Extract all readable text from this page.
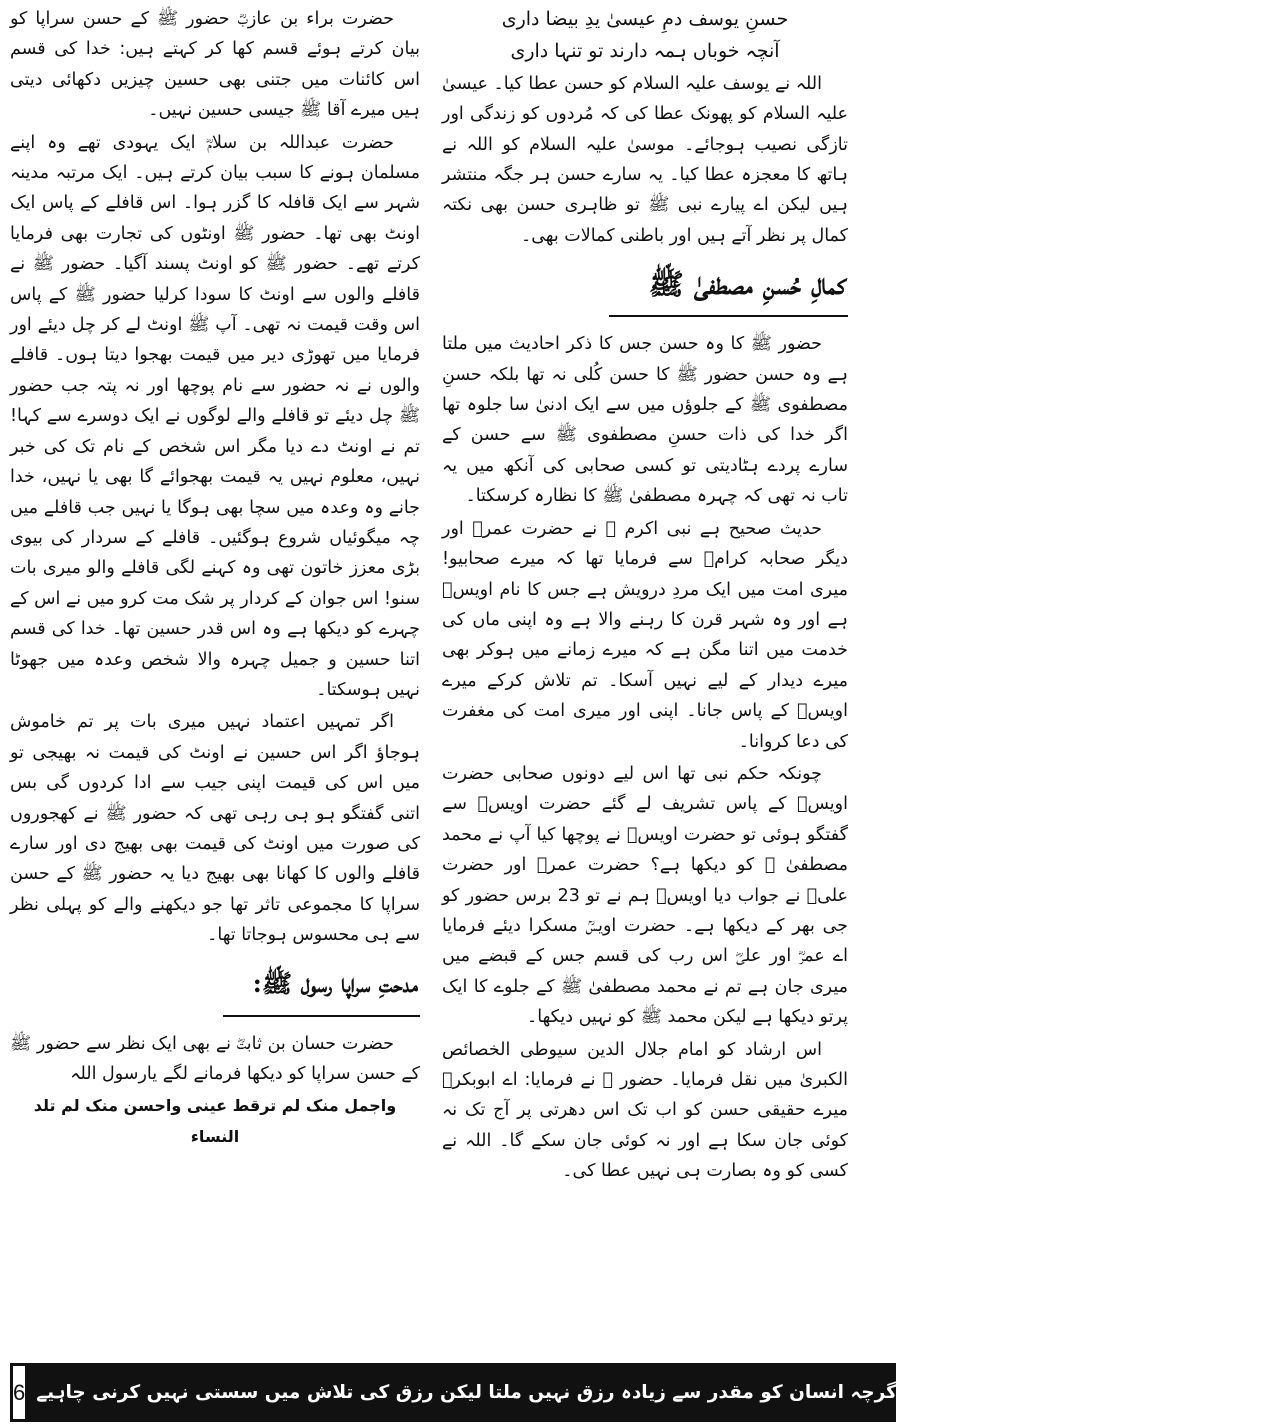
حسنِ یوسف دمِ عیسیٰ یدِ بیضا داری

آنچہ خوباں ہمہ دارند تو تنہا داری

اللہ نے یوسف علیہ السلام کو حسن عطا کیا۔ عیسیٰ علیہ السلام کو پھونک عطا کی کہ مُردوں کو زندگی اور تازگی نصیب ہوجائے۔ موسیٰ علیہ السلام کو اللہ نے ہاتھ کا معجزہ عطا کیا۔ یہ سارے حسن ہر جگہ منتشر ہیں لیکن اے پیارے نبی ﷺ تو ظاہری حسن بھی نکتہ کمال پر نظر آتے ہیں اور باطنی کمالات بھی۔

کمالِ حُسنِ مصطفیٰ ﷺ

حضور ﷺ کا وہ حسن جس کا ذکر احادیث میں ملتا ہے وہ حسن حضور ﷺ کا حسن کُلی نہ تھا بلکہ حسنِ مصطفوی ﷺ کے جلوؤں میں سے ایک ادنیٰ سا جلوہ تھا اگر خدا کی ذات حسنِ مصطفوی ﷺ سے حسن کے سارے پردے ہٹادیتی تو کسی صحابی کی آنکھ میں یہ تاب نہ تھی کہ چہرہ مصطفیٰ ﷺ کا نظارہ کرسکتا۔

حدیث صحیح ہے نبی اکرم ﷺ نے حضرت عمرؓ اور دیگر صحابہ کرامؓ سے فرمایا تھا کہ میرے صحابیو! میری امت میں ایک مردِ درویش ہے جس کا نام اویسؒ ہے اور وہ شہر قرن کا رہنے والا ہے وہ اپنی ماں کی خدمت میں اتنا مگن ہے کہ میرے زمانے میں ہوکر بھی میرے دیدار کے لیے نہیں آسکا۔ تم تلاش کرکے میرے اویسؒ کے پاس جانا۔ اپنی اور میری امت کی مغفرت کی دعا کروانا۔

چونکہ حکم نبی تھا اس لیے دونوں صحابی حضرت اویسؒ کے پاس تشریف لے گئے حضرت اویسؒ سے گفتگو ہوئی تو حضرت اویسؒ نے پوچھا کیا آپ نے محمد مصطفیٰ ﷺ کو دیکھا ہے؟ حضرت عمرؓ اور حضرت علیؓ نے جواب دیا اویسؒ ہم نے تو 23 برس حضور کو جی بھر کے دیکھا ہے۔ حضرت اویسؒ مسکرا دیئے فرمایا اے عمرؓ اور علیؓ اس رب کی قسم جس کے قبضے میں میری جان ہے تم نے محمد مصطفیٰ ﷺ کے جلوے کا ایک پرتو دیکھا ہے لیکن محمد ﷺ کو نہیں دیکھا۔

اس ارشاد کو امام جلال الدین سیوطی الخصائص الکبریٰ میں نقل فرمایا۔ حضور ﷺ نے فرمایا: اے ابوبکرؓ میرے حقیقی حسن کو اب تک اس دھرتی پر آج تک نہ کوئی جان سکا ہے اور نہ کوئی جان سکے گا۔ اللہ نے کسی کو وہ بصارت ہی نہیں عطا کی۔

حضرت براء بن عازبؓ حضور ﷺ کے حسن سراپا کو بیان کرتے ہوئے قسم کھا کر کہتے ہیں: خدا کی قسم اس کائنات میں جتنی بھی حسین چیزیں دکھائی دیتی ہیں میرے آقا ﷺ جیسی حسین نہیں۔

حضرت عبداللہ بن سلامؓ ایک یہودی تھے وہ اپنے مسلمان ہونے کا سبب بیان کرتے ہیں۔ ایک مرتبہ مدینہ شہر سے ایک قافلہ کا گزر ہوا۔ اس قافلے کے پاس ایک اونٹ بھی تھا۔ حضور ﷺ اونٹوں کی تجارت بھی فرمایا کرتے تھے۔ حضور ﷺ کو اونٹ پسند آگیا۔ حضور ﷺ نے قافلے والوں سے اونٹ کا سودا کرلیا حضور ﷺ کے پاس اس وقت قیمت نہ تھی۔ آپ ﷺ اونٹ لے کر چل دیئے اور فرمایا میں تھوڑی دیر میں قیمت بھجوا دیتا ہوں۔ قافلے والوں نے نہ حضور سے نام پوچھا اور نہ پتہ جب حضور ﷺ چل دیئے تو قافلے والے لوگوں نے ایک دوسرے سے کہا! تم نے اونٹ دے دیا مگر اس شخص کے نام تک کی خبر نہیں، معلوم نہیں یہ قیمت بھجوائے گا بھی یا نہیں، خدا جانے وہ وعدہ میں سچا بھی ہوگا یا نہیں جب قافلے میں چہ میگوئیاں شروع ہوگئیں۔ قافلے کے سردار کی بیوی بڑی معزز خاتون تھی وہ کہنے لگی قافلے والو میری بات سنو! اس جوان کے کردار پر شک مت کرو میں نے اس کے چہرے کو دیکھا ہے وہ اس قدر حسین تھا۔ خدا کی قسم اتنا حسین و جمیل چہرہ والا شخص وعدہ میں جھوٹا نہیں ہوسکتا۔

اگر تمہیں اعتماد نہیں میری بات پر تم خاموش ہوجاؤ اگر اس حسین نے اونٹ کی قیمت نہ بھیجی تو میں اس کی قیمت اپنی جیب سے ادا کردوں گی بس اتنی گفتگو ہو ہی رہی تھی کہ حضور ﷺ نے کھجوروں کی صورت میں اونٹ کی قیمت بھی بھیج دی اور سارے قافلے والوں کا کھانا بھی بھیج دیا یہ حضور ﷺ کے حسن سراپا کا مجموعی تاثر تھا جو دیکھنے والے کو پہلی نظر سے ہی محسوس ہوجاتا تھا۔

مدحتِ سراپا رسول ﷺ:

حضرت حسان بن ثابتؓ نے بھی ایک نظر سے حضور ﷺ کے حسن سراپا کو دیکھا فرمانے لگے یارسول اللہ

واجمل منک لم ترقط عینی واحسن منک لم تلد النساء

6	ماہنامہ دختران اسلام لاہور نومبر 2019
اگرچہ انسان کو مقدر سے زیادہ رزق نہیں ملتا لیکن رزق کی تلاش میں سستی نہیں کرنی چاہیے
